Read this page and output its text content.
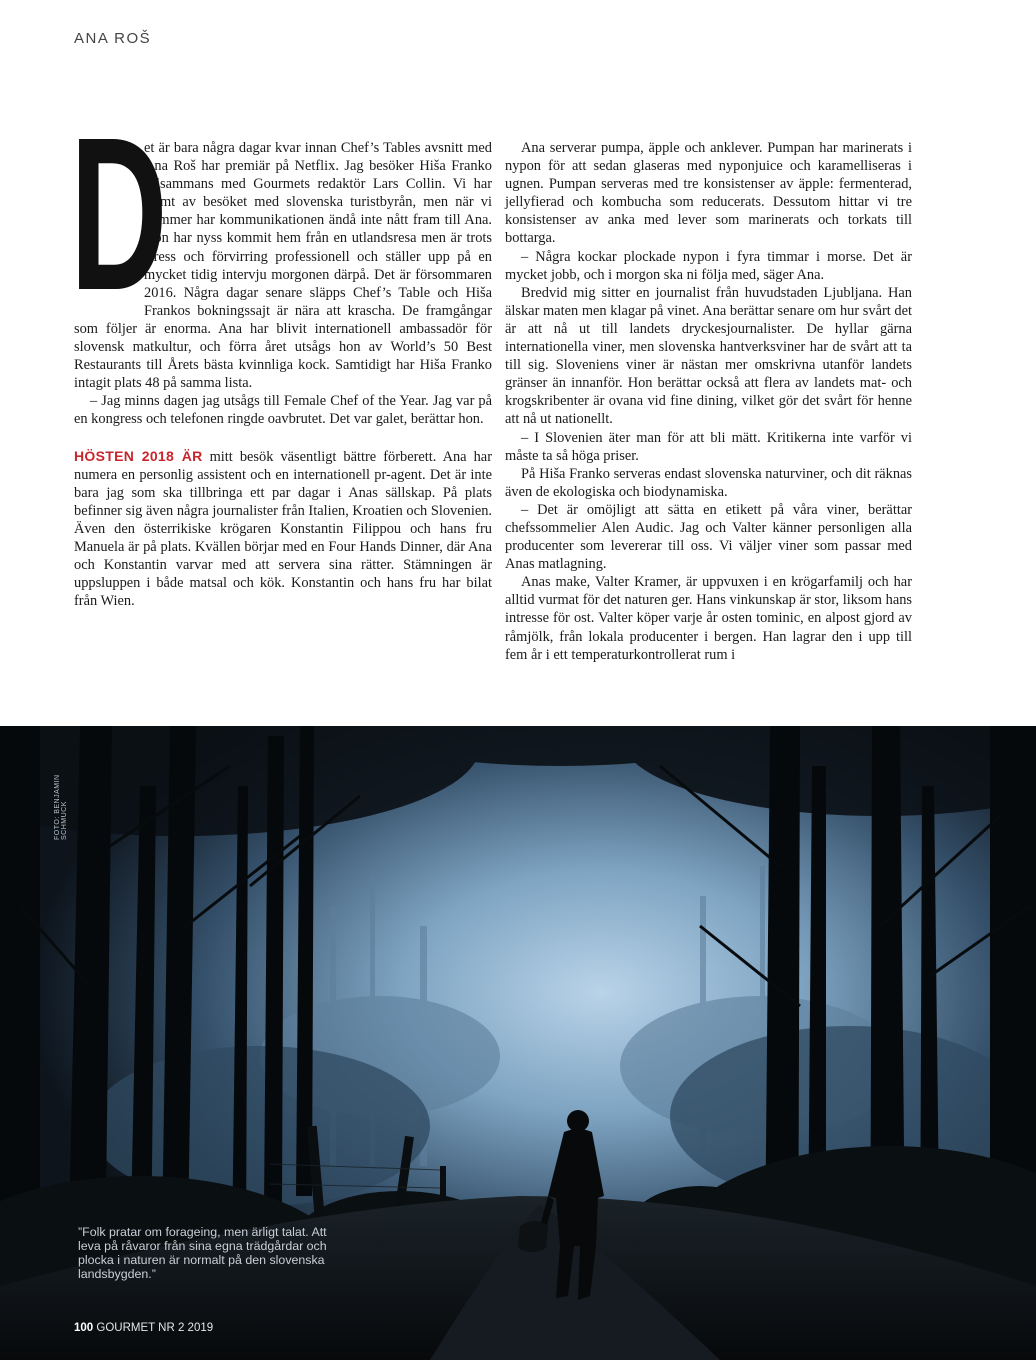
ANA ROŠ
D

et är bara några dagar kvar innan Chef’s Tables avsnitt med Ana Roš har premiär på Netflix. Jag besöker Hiša Franko tillsammans med Gourmets redaktör Lars Collin. Vi har stämt av besöket med slovenska turistbyrån, men när vi kommer har kommunikationen ändå inte nått fram till Ana. Hon har nyss kommit hem från en utlandsresa men är trots stress och förvirring professionell och ställer upp på en mycket tidig intervju morgonen därpå. Det är försommaren 2016. Några dagar senare släpps Chef’s Table och Hiša Frankos bokningssajt är nära att krascha. De framgångar som följer är enorma. Ana har blivit internationell ambassadör för slovensk matkultur, och förra året utsågs hon av World’s 50 Best Restaurants till Årets bästa kvinnliga kock. Samtidigt har Hiša Franko intagit plats 48 på samma lista.

– Jag minns dagen jag utsågs till Female Chef of the Year. Jag var på en kongress och telefonen ringde oavbrutet. Det var galet, berättar hon.

HÖSTEN 2018 ÄR mitt besök väsentligt bättre förberett. Ana har numera en personlig assistent och en internationell pr-agent. Det är inte bara jag som ska tillbringa ett par dagar i Anas sällskap. På plats befinner sig även några journalister från Italien, Kroatien och Slovenien. Även den österrikiske krögaren Konstantin Filippou och hans fru Manuela är på plats. Kvällen börjar med en Four Hands Dinner, där Ana och Konstantin varvar med att servera sina rätter. Stämningen är uppsluppen i både matsal och kök. Konstantin och hans fru har bilat från Wien.

Ana serverar pumpa, äpple och anklever. Pumpan har marinerats i nypon för att sedan glaseras med nyponjuice och karamelliseras i ugnen. Pumpan serveras med tre konsistenser av äpple: fermenterad, jellyfierad och kombucha som reducerats. Dessutom hittar vi tre konsistenser av anka med lever som marinerats och torkats till bottarga.

– Några kockar plockade nypon i fyra timmar i morse. Det är mycket jobb, och i morgon ska ni följa med, säger Ana.

Bredvid mig sitter en journalist från huvudstaden Ljubljana. Han älskar maten men klagar på vinet. Ana berättar senare om hur svårt det är att nå ut till landets dryckesjournalister. De hyllar gärna internationella viner, men slovenska hantverksviner har de svårt att ta till sig. Sloveniens viner är nästan mer omskrivna utanför landets gränser än innanför. Hon berättar också att flera av landets mat- och krogskribenter är ovana vid fine dining, vilket gör det svårt för henne att nå ut nationellt.

– I Slovenien äter man för att bli mätt. Kritikerna inte varför vi måste ta så höga priser.

På Hiša Franko serveras endast slovenska naturviner, och dit räknas även de ekologiska och biodynamiska.

– Det är omöjligt att sätta en etikett på våra viner, berättar chefssommelier Alen Audic. Jag och Valter känner personligen alla producenter som levererar till oss. Vi väljer viner som passar med Anas matlagning.

Anas make, Valter Kramer, är uppvuxen i en krögarfamilj och har alltid vurmat för det naturen ger. Hans vinkunskap är stor, liksom hans intresse för ost. Valter köper varje år osten tominic, en alpost gjord av råmjölk, från lokala producenter i bergen. Han lagrar den i upp till fem år i ett temperaturkontrollerat rum i

FOTO: BENJAMIN SCHMUCK
”Folk pratar om forageing, men ärligt talat. Att leva på råvaror från sina egna trädgårdar och plocka i naturen är normalt på den slovenska landsbygden.”
100 GOURMET NR 2 2019
